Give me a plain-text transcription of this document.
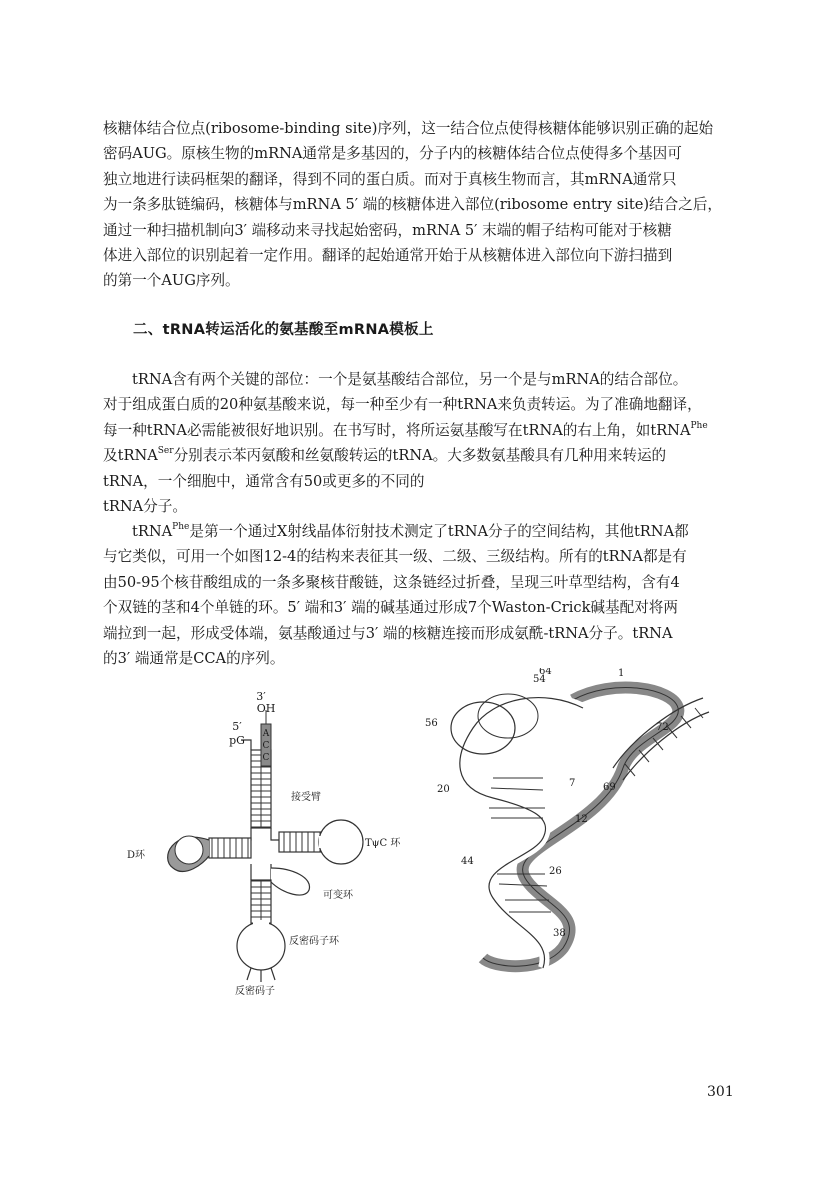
核糖体结合位点(ribosome-binding site)序列，这一结合位点使得核糖体能够识别正确的起始
密码AUG。原核生物的mRNA通常是多基因的，分子内的核糖体结合位点使得多个基因可
独立地进行读码框架的翻译，得到不同的蛋白质。而对于真核生物而言，其mRNA通常只
为一条多肽链编码，核糖体与mRNA 5′ 端的核糖体进入部位(ribosome entry site)结合之后，
通过一种扫描机制向3′ 端移动来寻找起始密码，mRNA 5′ 末端的帽子结构可能对于核糖
体进入部位的识别起着一定作用。翻译的起始通常开始于从核糖体进入部位向下游扫描到
的第一个AUG序列。

二、tRNA转运活化的氨基酸至mRNA模板上

tRNA含有两个关键的部位：一个是氨基酸结合部位，另一个是与mRNA的结合部位。
对于组成蛋白质的20种氨基酸来说，每一种至少有一种tRNA来负责转运。为了准确地翻译，
每一种tRNA必需能被很好地识别。在书写时，将所运氨基酸写在tRNA的右上角，如tRNA$^{Phe}$
及tRNA$^{Ser}$分别表示苯丙氨酸和丝氨酸转运的tRNA。大多数氨基酸具有几种用来转运的
tRNA，一个细胞中，通常含有50或更多的不同的
tRNA分子。

tRNA$^{Phe}$是第一个通过X射线晶体衍射技术测定了tRNA分子的空间结构，其他tRNA都
与它类似，可用一个如图12-4的结构来表征其一级、二级、三级结构。所有的tRNA都是有
由50-95个核苷酸组成的一条多聚核苷酸链，这条链经过折叠，呈现三叶草型结构，含有4
个双链的茎和4个单链的环。5′ 端和3′ 端的碱基通过形成7个Waston-Crick碱基配对将两
端拉到一起，形成受体端，氨基酸通过与3′ 端的核糖连接而形成氨酰-tRNA分子。tRNA
的3′ 端通常是CCA的序列。

3′
OH
5′
pG A
C
C
接受臂
D环
TψC 环
可变环
反密码子环
反密码子
54
64	1
72
56
20
7	69
12
44
26
38
301
